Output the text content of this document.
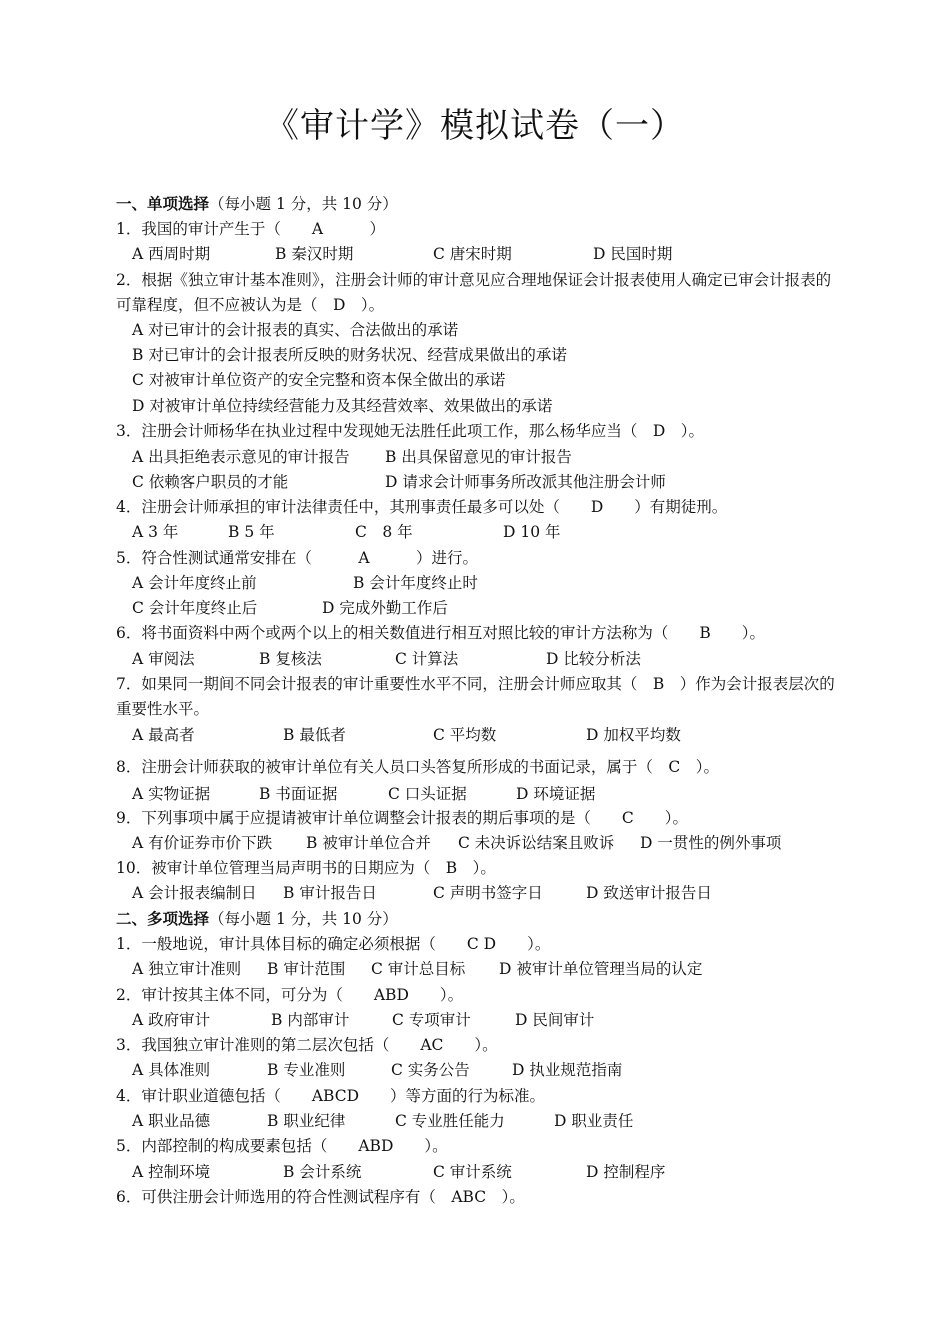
《审计学》模拟试卷（一）
一、单项选择（每小题 1 分，共 10 分）
1．我国的审计产生于（　　A　　　）
A 西周时期	B 秦汉时期	C 唐宋时期	D 民国时期
2．根据《独立审计基本准则》，注册会计师的审计意见应合理地保证会计报表使用人确定已审会计报表的
可靠程度，但不应被认为是（　D　）。
A 对已审计的会计报表的真实、合法做出的承诺
B 对已审计的会计报表所反映的财务状况、经营成果做出的承诺
C 对被审计单位资产的安全完整和资本保全做出的承诺
D 对被审计单位持续经营能力及其经营效率、效果做出的承诺
3．注册会计师杨华在执业过程中发现她无法胜任此项工作，那么杨华应当（　D　）。
A 出具拒绝表示意见的审计报告 B 出具保留意见的审计报告
C 依赖客户职员的才能	D 请求会计师事务所改派其他注册会计师
4．注册会计师承担的审计法律责任中，其刑事责任最多可以处（　　D　　）有期徒刑。
A 3 年	B 5 年	C　8 年	D 10 年
5．符合性测试通常安排在（　　　A　　　）进行。
A 会计年度终止前	B 会计年度终止时
C 会计年度终止后	D 完成外勤工作后
6．将书面资料中两个或两个以上的相关数值进行相互对照比较的审计方法称为（　　B　　）。
A 审阅法	B 复核法	C 计算法	D 比较分析法
7．如果同一期间不同会计报表的审计重要性水平不同，注册会计师应取其（　B　）作为会计报表层次的
重要性水平。
A 最高者	B 最低者	C 平均数	D 加权平均数
8．注册会计师获取的被审计单位有关人员口头答复所形成的书面记录，属于（　C　）。
A 实物证据	B 书面证据	C 口头证据	D 环境证据
9．下列事项中属于应提请被审计单位调整会计报表的期后事项的是（　　C　　）。
A 有价证券市价下跌 B 被审计单位合并 C 未决诉讼结案且败诉 D 一贯性的例外事项
10．被审计单位管理当局声明书的日期应为（　B　）。
A 会计报表编制日 B 审计报告日	C 声明书签字日	D 致送审计报告日
二、多项选择（每小题 1 分，共 10 分）
1．一般地说，审计具体目标的确定必须根据（　　C D　　）。
A 独立审计准则 B 审计范围 C 审计总目标 D 被审计单位管理当局的认定
2．审计按其主体不同，可分为（　　ABD　　）。
A 政府审计	B 内部审计	C 专项审计	D 民间审计
3．我国独立审计准则的第二层次包括（　　AC　　）。
A 具体准则	B 专业准则	C 实务公告	D 执业规范指南
4．审计职业道德包括（　　ABCD　　）等方面的行为标准。
A 职业品德	B 职业纪律	C 专业胜任能力	D 职业责任
5．内部控制的构成要素包括（　　ABD　　）。
A 控制环境	B 会计系统	C 审计系统	D 控制程序
6．可供注册会计师选用的符合性测试程序有（　ABC　）。
